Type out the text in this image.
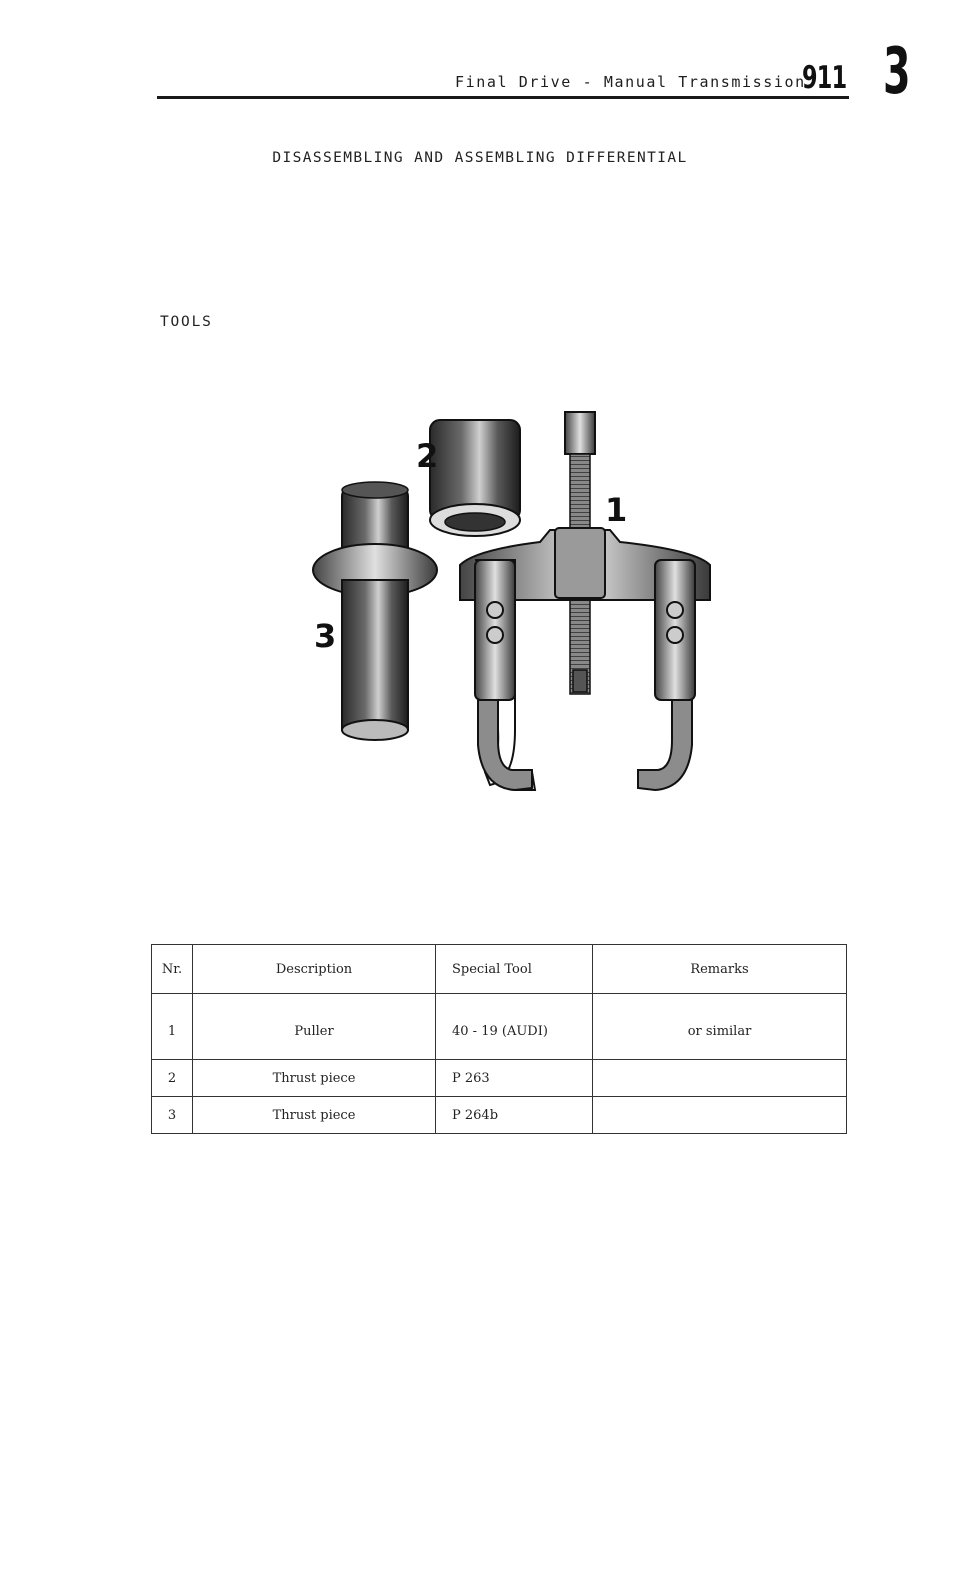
Final Drive - Manual Transmission
911 3
DISASSEMBLING AND ASSEMBLING DIFFERENTIAL
TOOLS
2
1
3
Nr.	Description	Special Tool	Remarks
1	Puller	40 - 19 (AUDI)	or similar
2	Thrust piece	P 263	
3	Thrust piece	P 264b	
